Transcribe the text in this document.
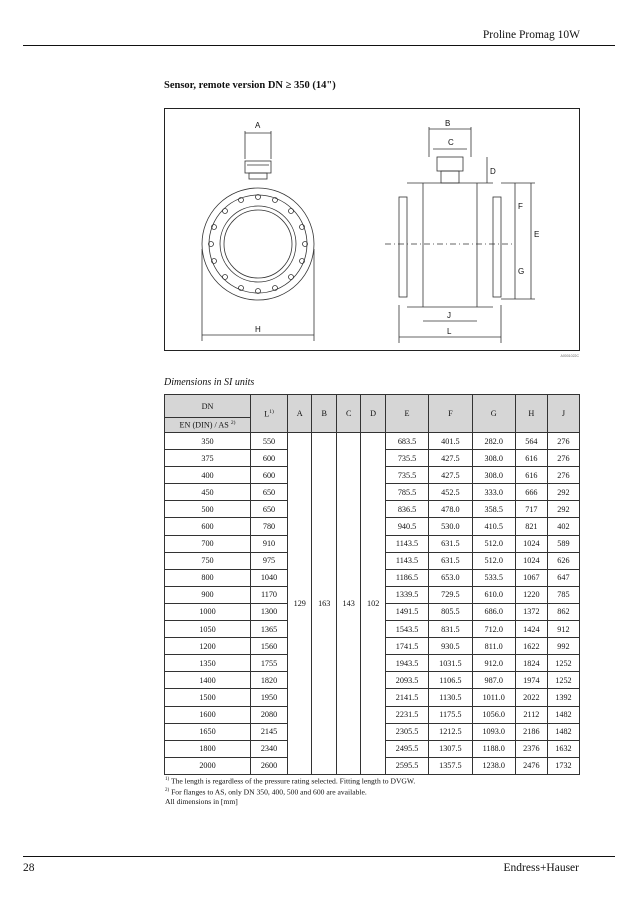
Proline Promag 10W
Sensor, remote version DN ≥ 350 (14")
A
H
B
C
D
F
E
G
J
L
A0001022C
Dimensions in SI units
DN	$L^{1)}$	A	B	C	D	E	F	G	H	J
EN (DIN) / AS $^{2)}$
350	550	129	163	143	102	683.5	401.5	282.0	564	276
375	600					735.5	427.5	308.0	616	276
400	600					735.5	427.5	308.0	616	276
450	650					785.5	452.5	333.0	666	292
500	650					836.5	478.0	358.5	717	292
600	780					940.5	530.0	410.5	821	402
700	910					1143.5	631.5	512.0	1024	589
750	975					1143.5	631.5	512.0	1024	626
800	1040					1186.5	653.0	533.5	1067	647
900	1170					1339.5	729.5	610.0	1220	785
1000	1300					1491.5	805.5	686.0	1372	862
1050	1365					1543.5	831.5	712.0	1424	912
1200	1560					1741.5	930.5	811.0	1622	992
1350	1755					1943.5	1031.5	912.0	1824	1252
1400	1820					2093.5	1106.5	987.0	1974	1252
1500	1950					2141.5	1130.5	1011.0	2022	1392
1600	2080					2231.5	1175.5	1056.0	2112	1482
1650	2145					2305.5	1212.5	1093.0	2186	1482
1800	2340					2495.5	1307.5	1188.0	2376	1632
2000	2600					2595.5	1357.5	1238.0	2476	1732
$^{1)}$ The length is regardless of the pressure rating selected. Fitting length to DVGW.
$^{2)}$ For flanges to AS, only DN 350, 400, 500 and 600 are available.
All dimensions in [mm]
28	Endress+Hauser
